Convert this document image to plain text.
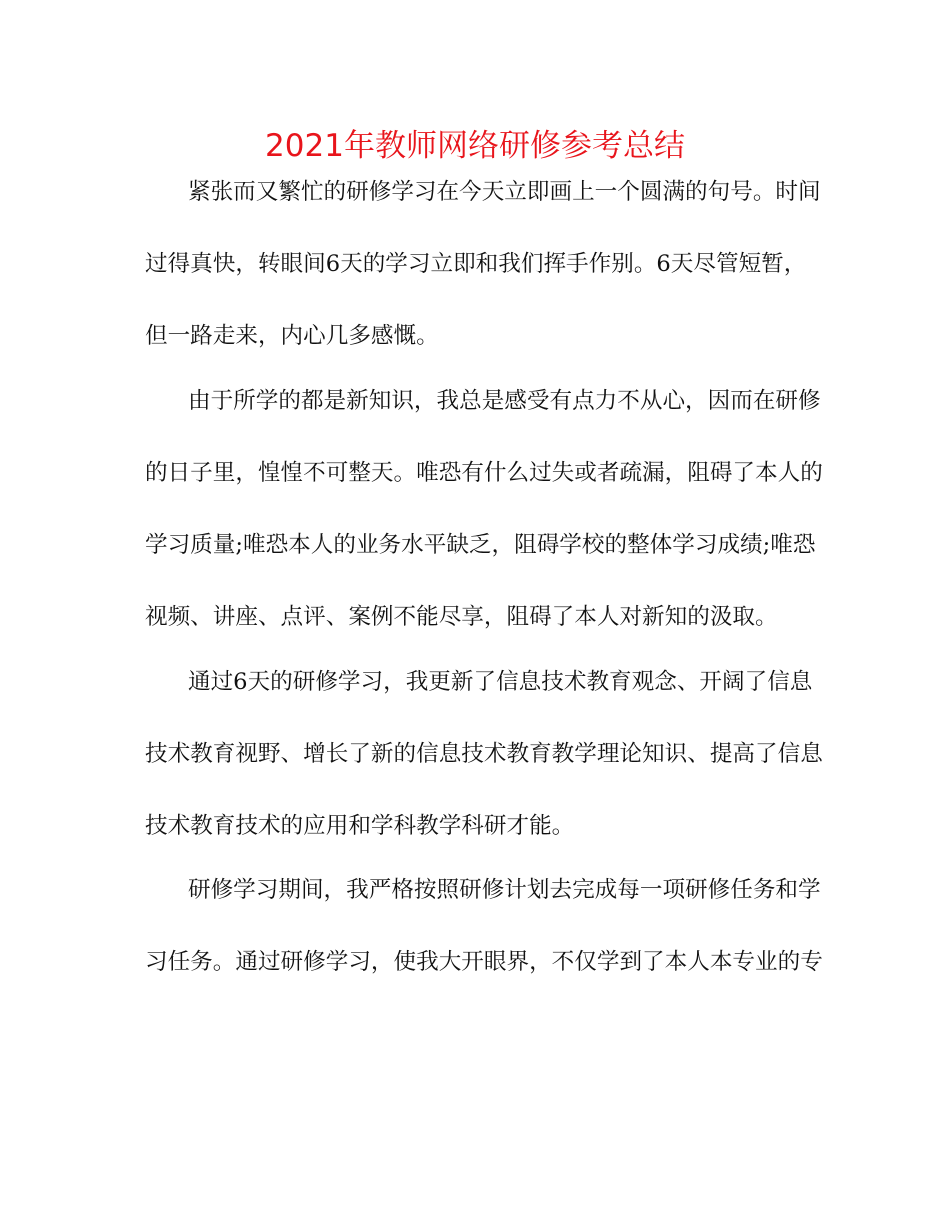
2021年教师网络研修参考总结

紧张而又繁忙的研修学习在今天立即画上一个圆满的句号。时间

过得真快，转眼间6天的学习立即和我们挥手作别。6天尽管短暂，

但一路走来，内心几多感慨。

由于所学的都是新知识，我总是感受有点力不从心，因而在研修

的日子里，惶惶不可整天。唯恐有什么过失或者疏漏，阻碍了本人的

学习质量;唯恐本人的业务水平缺乏，阻碍学校的整体学习成绩;唯恐

视频、讲座、点评、案例不能尽享，阻碍了本人对新知的汲取。

通过6天的研修学习，我更新了信息技术教育观念、开阔了信息

技术教育视野、增长了新的信息技术教育教学理论知识、提高了信息

技术教育技术的应用和学科教学科研才能。

研修学习期间，我严格按照研修计划去完成每一项研修任务和学

习任务。通过研修学习，使我大开眼界，不仅学到了本人本专业的专
